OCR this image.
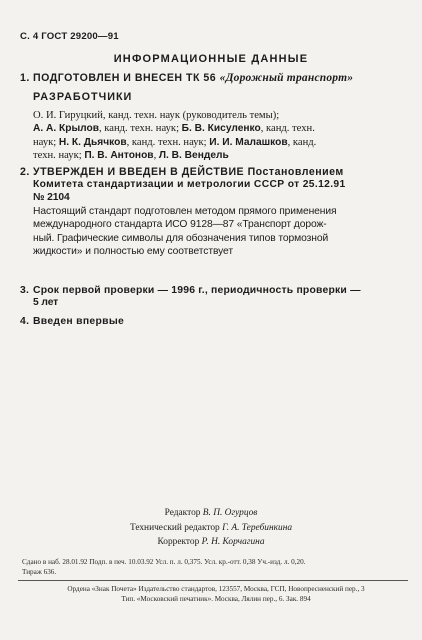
С. 4 ГОСТ 29200—91
ИНФОРМАЦИОННЫЕ ДАННЫЕ
1. ПОДГОТОВЛЕН И ВНЕСЕН ТК 56 «Дорожный транспорт»
РАЗРАБОТЧИКИ
О. И. Гируцкий, канд. техн. наук (руководитель темы);
А. А. Крылов, канд. техн. наук; Б. В. Кисуленко, канд. техн.
наук; Н. К. Дьячков, канд. техн. наук; И. И. Малашков, канд.
техн. наук; П. В. Антонов, Л. В. Вендель
2. УТВЕРЖДЕН И ВВЕДЕН В ДЕЙСТВИЕ Постановлением
Комитета стандартизации и метрологии СССР от 25.12.91
№ 2104
Настоящий стандарт подготовлен методом прямого применения
международного стандарта ИСО 9128—87 «Транспорт дорож-
ный. Графические символы для обозначения типов тормозной
жидкости» и полностью ему соответствует
3. Срок первой проверки — 1996 г., периодичность проверки —
5 лет
4. Введен впервые
Редактор В. П. Огурцов
Технический редактор Г. А. Теребинкина
Корректор Р. Н. Корчагина
Сдано в наб. 28.01.92 Подп. в печ. 10.03.92 Усл. п. л. 0,375. Усл. кр.-отт. 0,38 Уч.-изд. л. 0,20.
Тираж 636.
Ордена «Знак Почета» Издательство стандартов, 123557, Москва, ГСП, Новопресненский пер., 3
Тип. «Московский печатник». Москва, Лялин пер., 6. Зак. 894
